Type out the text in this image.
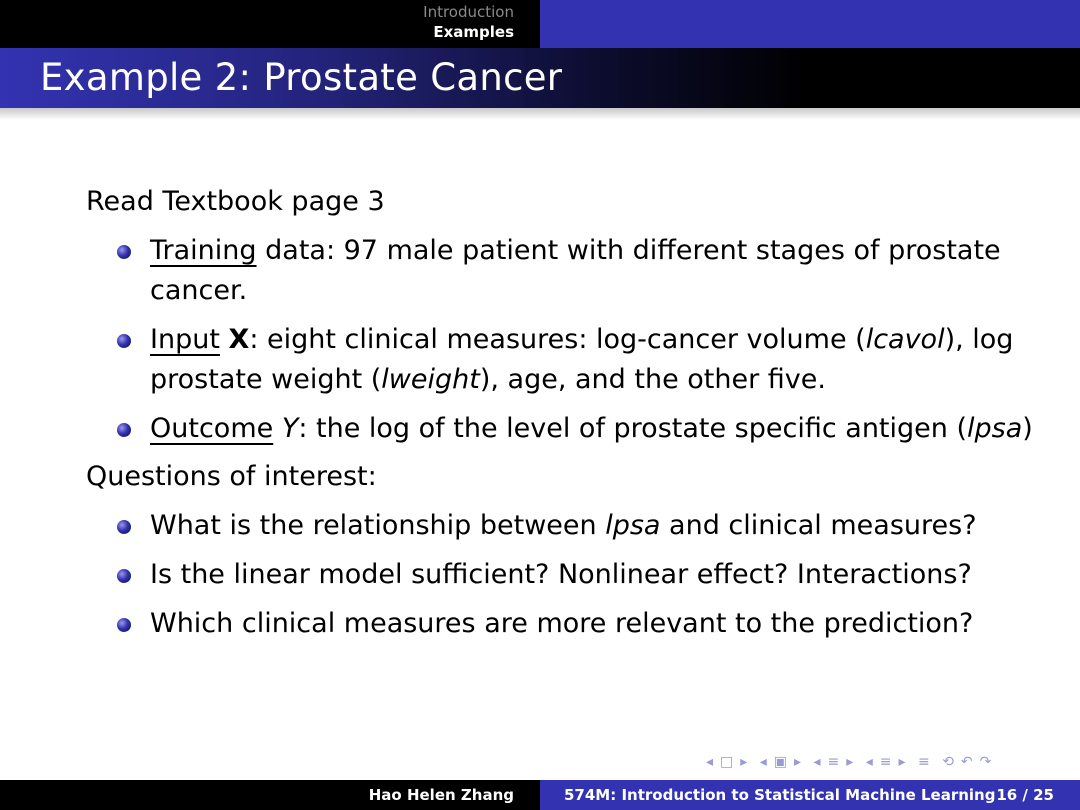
Introduction
Examples
Example 2: Prostate Cancer

Read Textbook page 3

Training data: 97 male patient with different stages of prostate cancer.
Input X: eight clinical measures: log-cancer volume (lcavol), log prostate weight (lweight), age, and the other five.
Outcome Y: the log of the level of prostate specific antigen (lpsa)

Questions of interest:

What is the relationship between lpsa and clinical measures?
Is the linear model sufficient? Nonlinear effect? Interactions?
Which clinical measures are more relevant to the prediction?
◂ □ ▸ ◂ ▣ ▸ ◂ ≡ ▸ ◂ ≡ ▸ ≡ ⟲ ↶ ↷
Hao Helen Zhang	574M: Introduction to Statistical Machine Learning 16 / 25
